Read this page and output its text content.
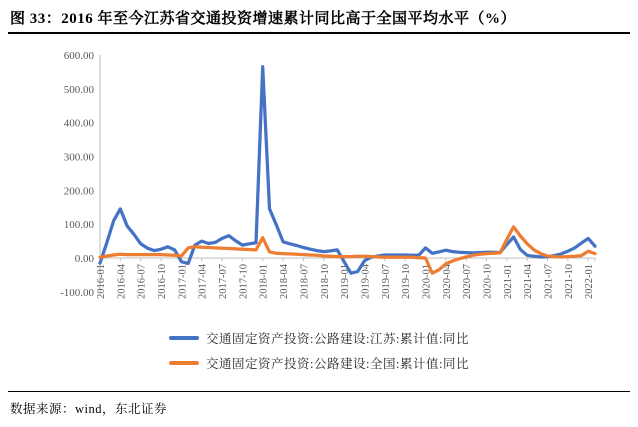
图 33：2016 年至今江苏省交通投资增速累计同比高于全国平均水平（%）
600.00
500.00
400.00
300.00
200.00
100.00
0.00
-100.00 2016-01 2016-04 2016-07 2016-10 2017-01 2017-04 2017-07 2017-10 2018-01 2018-04 2018-07 2018-10 2019-01 2019-04 2019-07 2019-10 2020-01 2020-04 2020-07 2020-10 2021-01 2021-04 2021-07 2021-10 2022-01
交通固定资产投资:公路建设:江苏:累计值:同比
交通固定资产投资:公路建设:全国:累计值:同比
数据来源：wind，东北证券
